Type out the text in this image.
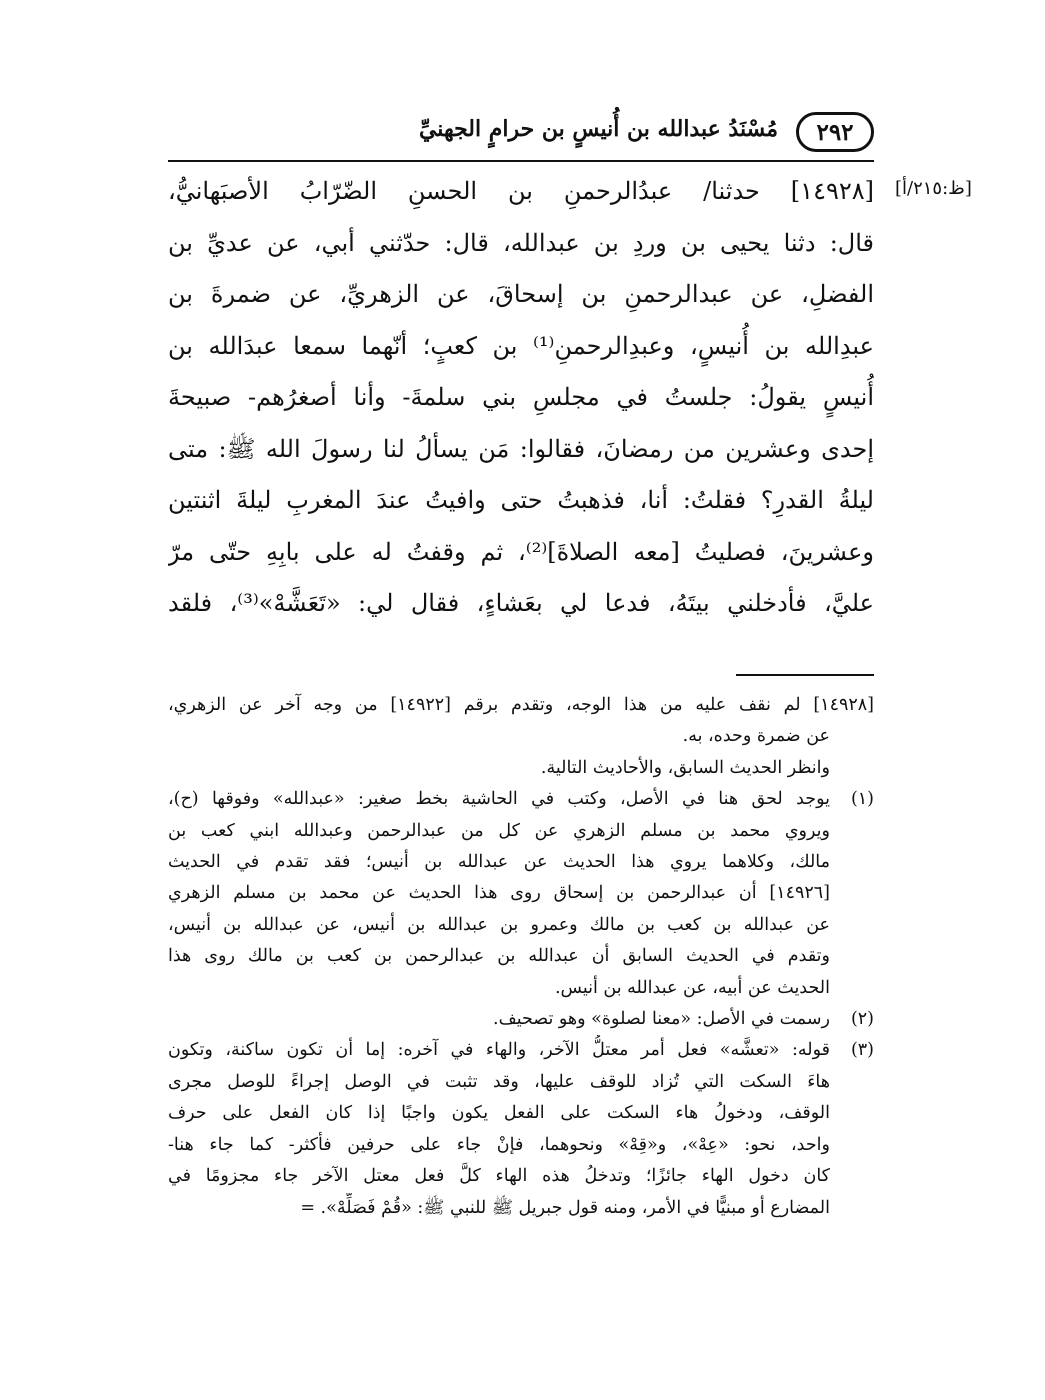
٢٩٢
مُسْنَدُ عبدالله بن أُنيسٍ بن حرامٍ الجهنيِّ
[ظ:٢١٥/أ]
[١٤٩٢٨] حدثنا/ عبدُالرحمنِ بن الحسنِ الضّرّابُ الأصبَهانيُّ،
قال: دثنا يحيى بن وردِ بن عبدالله، قال: حدّثني أبي، عن عديِّ بن
الفضلِ، عن عبدالرحمنِ بن إسحاقَ، عن الزهريِّ، عن ضمرةَ بن
عبدِالله بن أُنيسٍ، وعبدِالرحمنِ⁽¹⁾ بن كعبٍ؛ أنّهما سمعا عبدَالله بن
أُنيسٍ يقولُ: جلستُ في مجلسِ بني سلمةَ- وأنا أصغرُهم- صبيحةَ
إحدى وعشرين من رمضانَ، فقالوا: مَن يسألُ لنا رسولَ الله ﷺ: متى
ليلةُ القدرِ؟ فقلتُ: أنا، فذهبتُ حتى وافيتُ عندَ المغربِ ليلةَ اثنتين
وعشرينَ، فصليتُ [معه الصلاةَ]⁽²⁾، ثم وقفتُ له على بابِهِ حتّى مرّ
عليَّ، فأدخلني بيتَهُ، فدعا لي بعَشاءٍ، فقال لي: «تَعَشَّهْ»⁽³⁾، فلقد
[١٤٩٢٨] لم نقف عليه من هذا الوجه، وتقدم برقم [١٤٩٢٢] من وجه آخر عن الزهري،
عن ضمرة وحده، به.
وانظر الحديث السابق، والأحاديث التالية.
(١)
يوجد لحق هنا في الأصل، وكتب في الحاشية بخط صغير: «عبدالله» وفوقها (ح)،
ويروي محمد بن مسلم الزهري عن كل من عبدالرحمن وعبدالله ابني كعب بن
مالك، وكلاهما يروي هذا الحديث عن عبدالله بن أنيس؛ فقد تقدم في الحديث
[١٤٩٢٦] أن عبدالرحمن بن إسحاق روى هذا الحديث عن محمد بن مسلم الزهري
عن عبدالله بن كعب بن مالك وعمرو بن عبدالله بن أنيس، عن عبدالله بن أنيس،
وتقدم في الحديث السابق أن عبدالله بن عبدالرحمن بن كعب بن مالك روى هذا
الحديث عن أبيه، عن عبدالله بن أنيس.
(٢)
رسمت في الأصل: «معنا لصلوة» وهو تصحيف.
(٣)
قوله: «تعشَّه» فعل أمر معتلُّ الآخر، والهاء في آخره: إما أن تكون ساكنة، وتكون
هاءَ السكت التي تُزاد للوقف عليها، وقد تثبت في الوصل إجراءً للوصل مجرى
الوقف، ودخولُ هاء السكت على الفعل يكون واجبًا إذا كان الفعل على حرف
واحد، نحو: «عِهْ»، و«قِهْ» ونحوهما، فإنْ جاء على حرفين فأكثر- كما جاء هنا-
كان دخول الهاء جائزًا؛ وتدخلُ هذه الهاء كلَّ فعل معتل الآخر جاء مجزومًا في
المضارع أو مبنيًّا في الأمر، ومنه قول جبريل ﷺ للنبي ﷺ: «قُمْ فَصَلِّهْ». =
